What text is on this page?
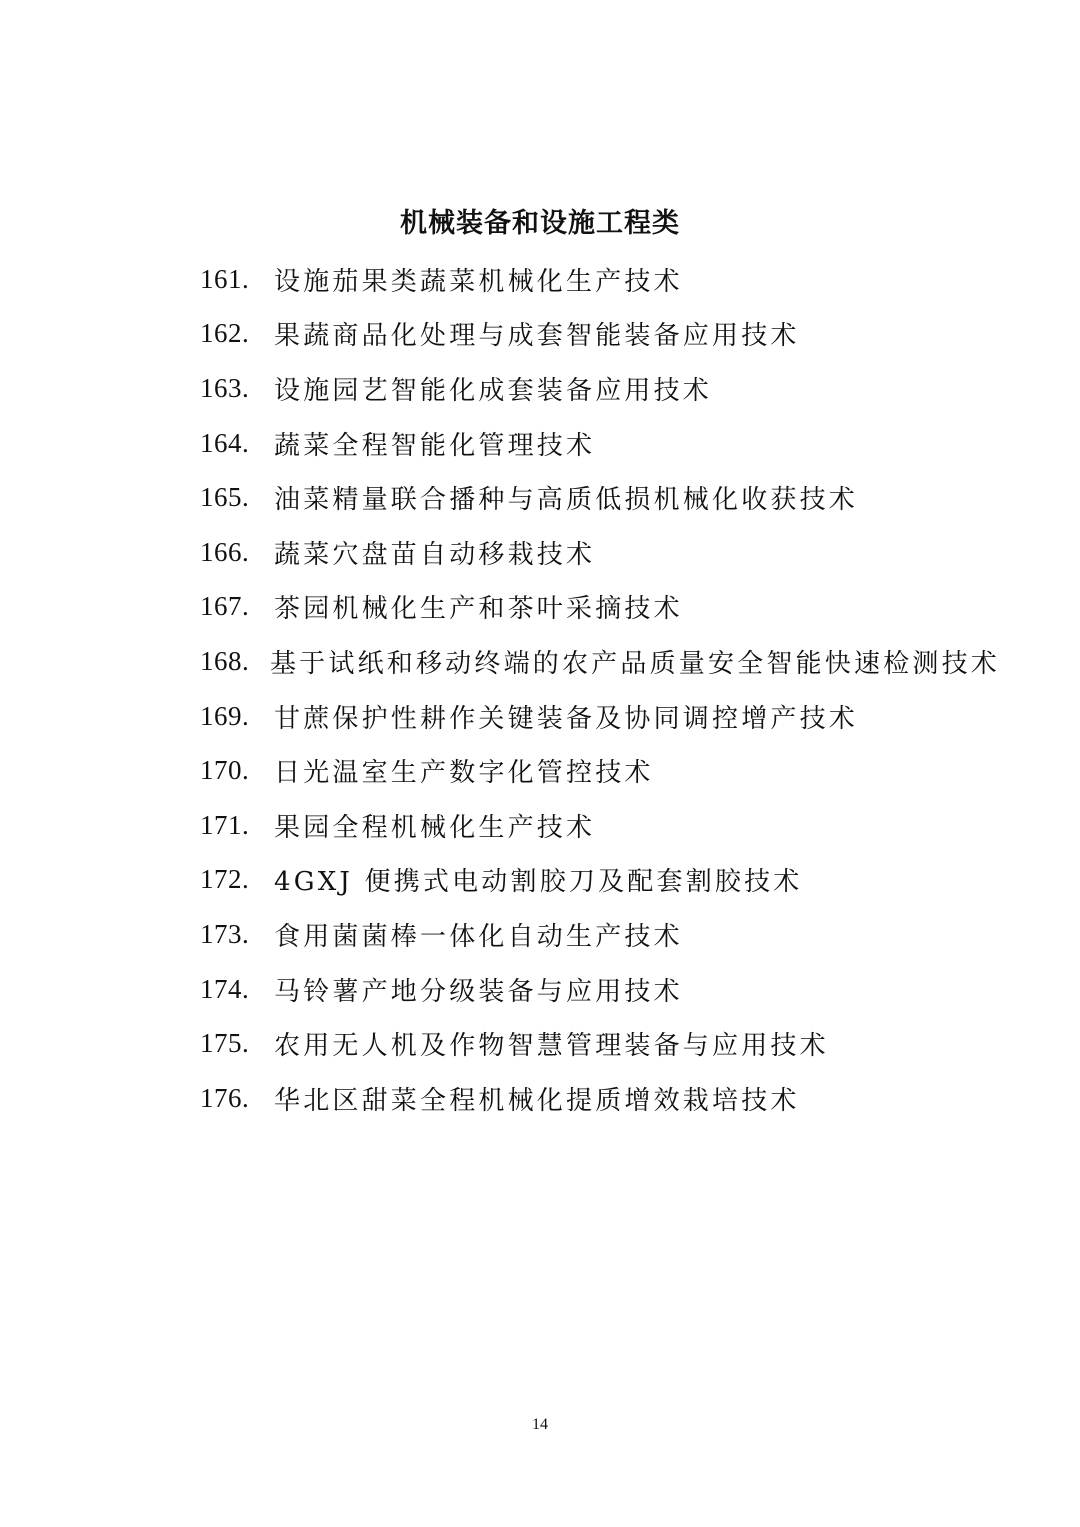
机械装备和设施工程类
161. 设施茄果类蔬菜机械化生产技术
162. 果蔬商品化处理与成套智能装备应用技术
163. 设施园艺智能化成套装备应用技术
164. 蔬菜全程智能化管理技术
165. 油菜精量联合播种与高质低损机械化收获技术
166. 蔬菜穴盘苗自动移栽技术
167. 茶园机械化生产和茶叶采摘技术
168. 基于试纸和移动终端的农产品质量安全智能快速检测技术
169. 甘蔗保护性耕作关键装备及协同调控增产技术
170. 日光温室生产数字化管控技术
171. 果园全程机械化生产技术
172. 4GXJ 便携式电动割胶刀及配套割胶技术
173. 食用菌菌棒一体化自动生产技术
174. 马铃薯产地分级装备与应用技术
175. 农用无人机及作物智慧管理装备与应用技术
176. 华北区甜菜全程机械化提质增效栽培技术
14
